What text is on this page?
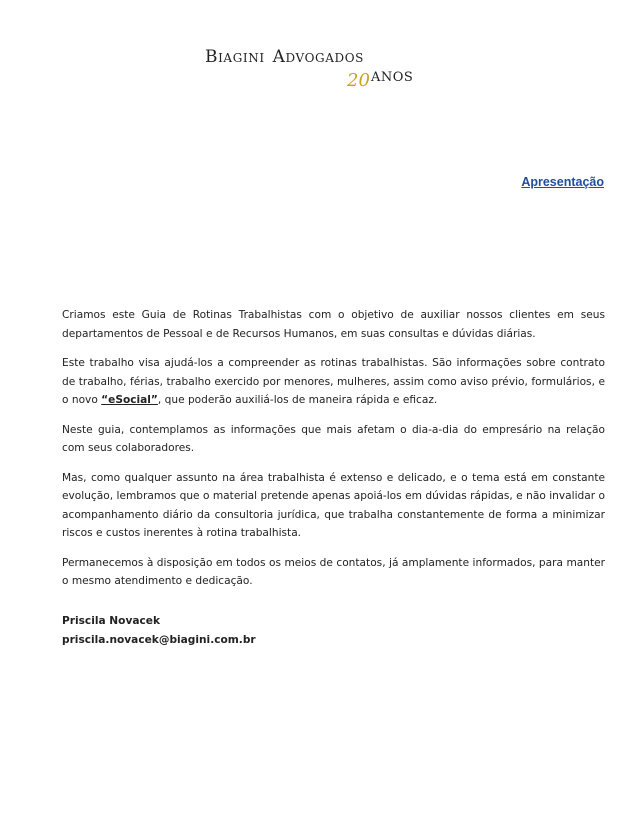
Biagini Advogados
20 ANOS
Apresentação

Criamos este Guia de Rotinas Trabalhistas com o objetivo de auxiliar nossos clientes em seus departamentos de Pessoal e de Recursos Humanos, em suas consultas e dúvidas diárias.

Este trabalho visa ajudá-los a compreender as rotinas trabalhistas. São informações sobre contrato de trabalho, férias, trabalho exercido por menores, mulheres, assim como aviso prévio, formulários, e o novo “eSocial”, que poderão auxiliá-los de maneira rápida e eficaz.

Neste guia, contemplamos as informações que mais afetam o dia-a-dia do empresário na relação com seus colaboradores.

Mas, como qualquer assunto na área trabalhista é extenso e delicado, e o tema está em constante evolução, lembramos que o material pretende apenas apoiá-los em dúvidas rápidas, e não invalidar o acompanhamento diário da consultoria jurídica, que trabalha constantemente de forma a minimizar riscos e custos inerentes à rotina trabalhista.

Permanecemos à disposição em todos os meios de contatos, já amplamente informados, para manter o mesmo atendimento e dedicação.

Priscila Novacek
priscila.novacek@biagini.com.br
